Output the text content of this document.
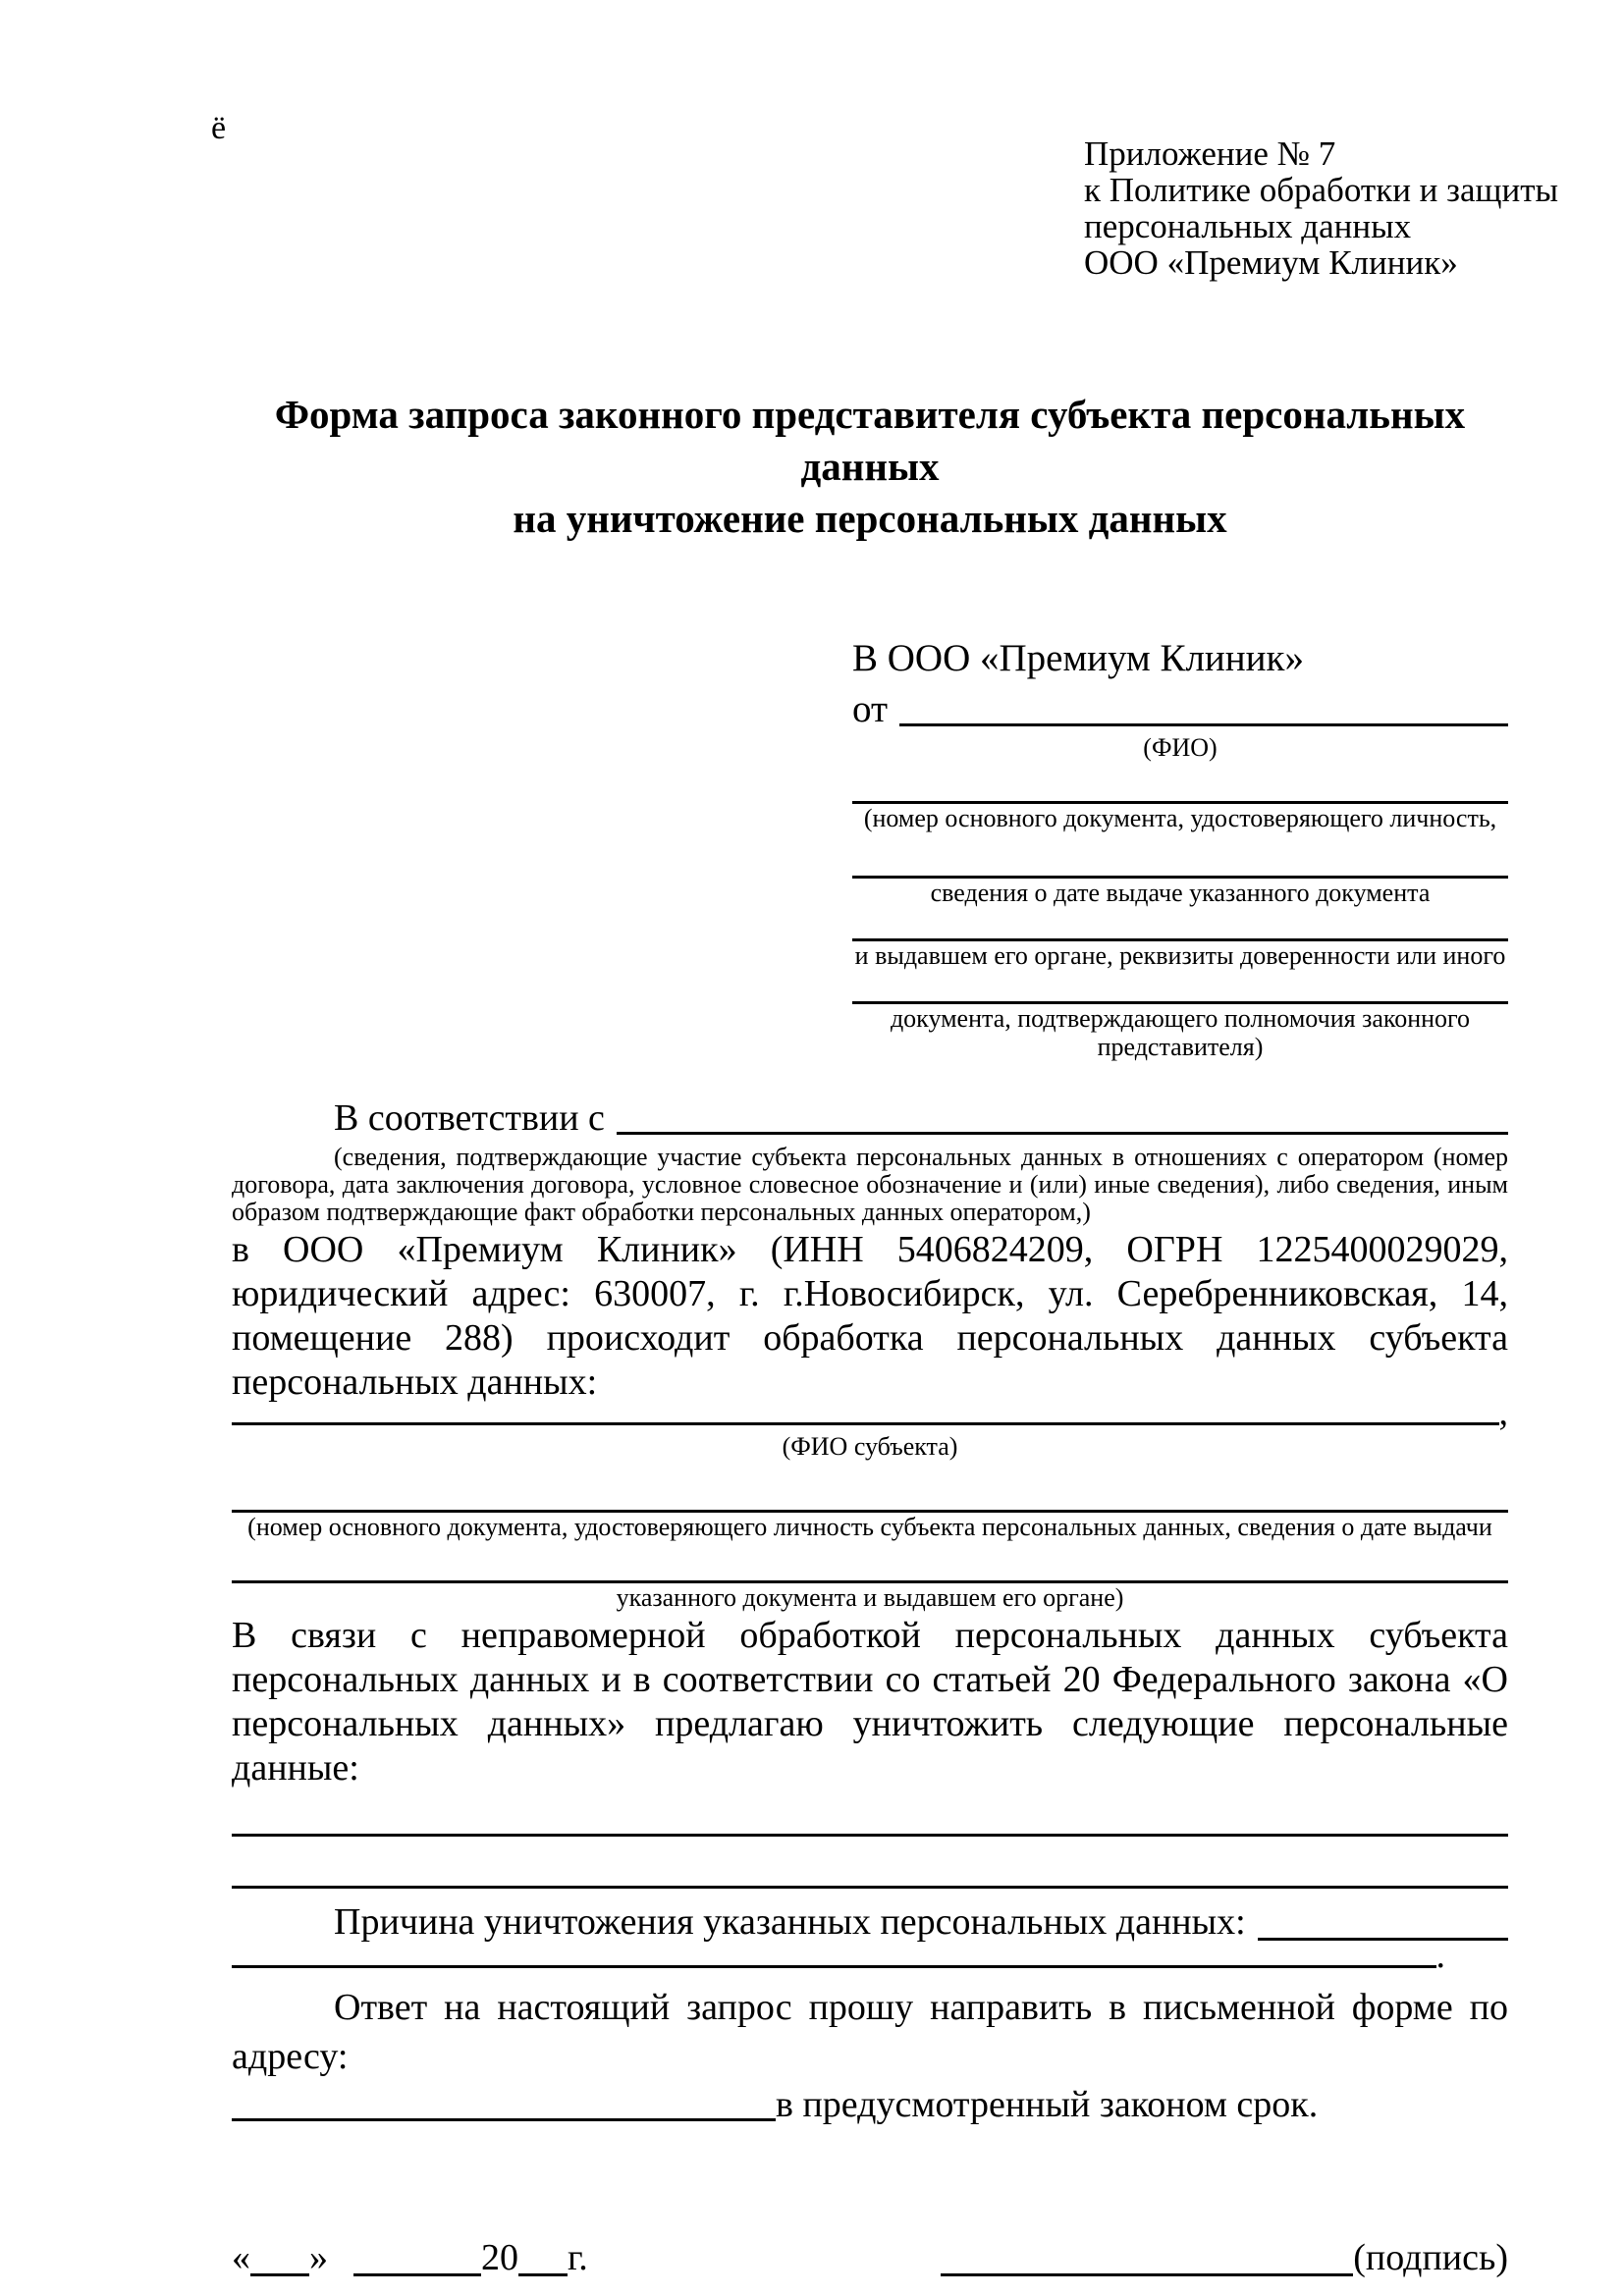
ё
Приложение № 7
к Политике обработки и защиты
персональных данных
ООО «Премиум Клиник»
Форма запроса законного представителя субъекта персональных данных
на уничтожение персональных данных
В ООО «Премиум Клиник»
от
(ФИО)
(номер основного документа, удостоверяющего личность,
сведения о дате выдаче указанного документа
и выдавшем его органе, реквизиты доверенности или иного
документа, подтверждающего полномочия законного представителя)
В соответствии с

(сведения, подтверждающие участие субъекта персональных данных в отношениях с оператором (номер договора, дата заключения договора, условное словесное обозначение и (или) иные сведения), либо сведения, иным образом подтверждающие факт обработки персональных данных оператором,)

в ООО «Премиум Клиник» (ИНН 5406824209, ОГРН 1225400029029, юридический адрес: 630007, г. г.Новосибирск, ул. Серебренниковская, 14, помещение 288) происходит обработка персональных данных субъекта персональных данных:

,
(ФИО субъекта)
(номер основного документа, удостоверяющего личность субъекта персональных данных, сведения о дате выдачи
указанного документа и выдавшем его органе)

В связи с неправомерной обработкой персональных данных субъекта персональных данных и в соответствии со статьей 20 Федерального закона «О персональных данных» предлагаю уничтожить следующие персональные данные:

Причина уничтожения указанных персональных данных:
.

Ответ на настоящий запрос прошу направить в письменной форме по адресу:

в предусмотренный законом срок.
« »	20 г.	(подпись)
